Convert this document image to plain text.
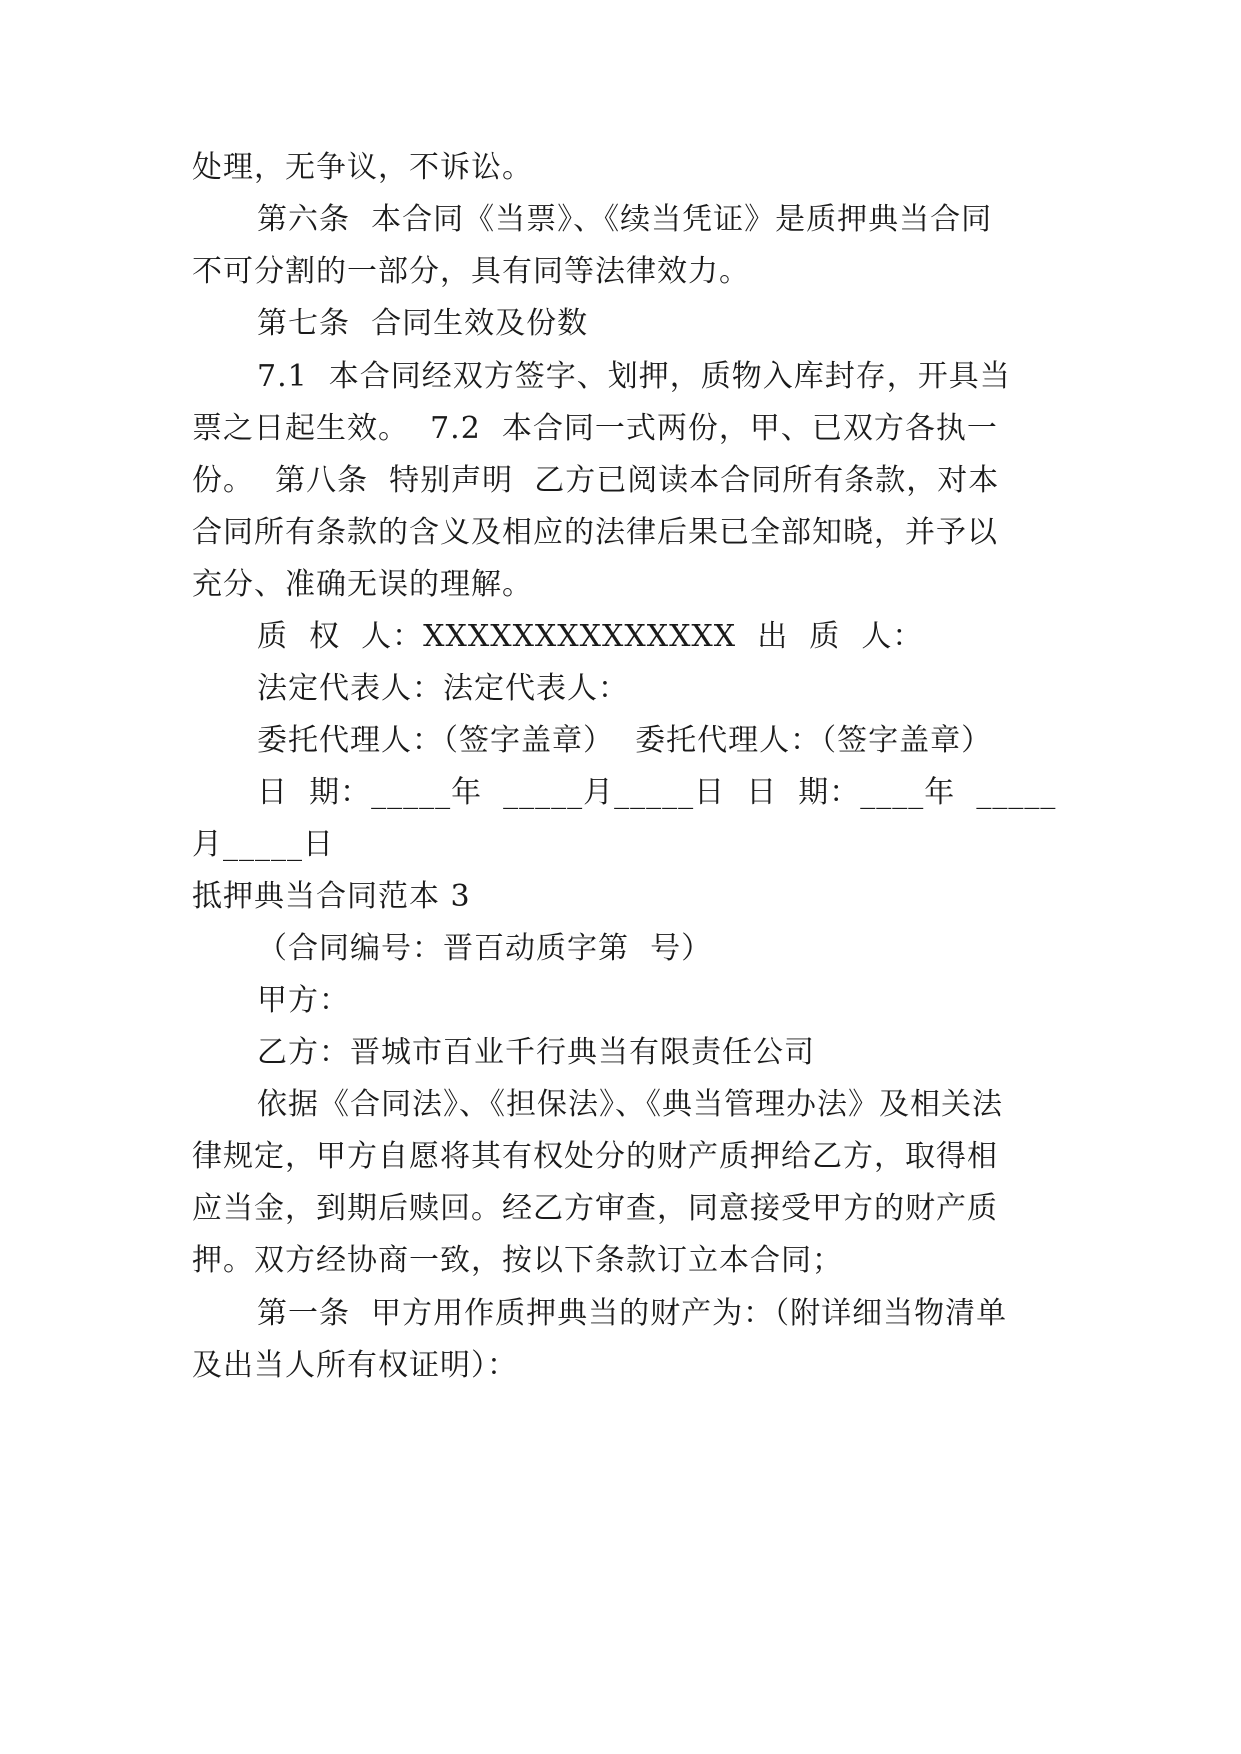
处理，无争议，不诉讼。
第六条  本合同《当票》、《续当凭证》是质押典当合同
不可分割的一部分，具有同等法律效力。
第七条  合同生效及份数
7.1  本合同经双方签字、划押，质物入库封存，开具当
票之日起生效。  7.2  本合同一式两份，甲、已双方各执一
份。  第八条  特别声明  乙方已阅读本合同所有条款，对本
合同所有条款的含义及相应的法律后果已全部知晓，并予以
充分、准确无误的理解。
质  权  人：XXXXXXXXXXXXXX  出  质  人：
法定代表人：法定代表人：
委托代理人：（签字盖章）  委托代理人：（签字盖章）
日  期：_____年  _____月_____日  日  期：____年  _____
月_____日
抵押典当合同范本 3
（合同编号：晋百动质字第  号）
甲方：
乙方：晋城市百业千行典当有限责任公司
依据《合同法》、《担保法》、《典当管理办法》及相关法
律规定，甲方自愿将其有权处分的财产质押给乙方，取得相
应当金，到期后赎回。经乙方审查，同意接受甲方的财产质
押。双方经协商一致，按以下条款订立本合同；
第一条  甲方用作质押典当的财产为：（附详细当物清单
及出当人所有权证明）：
